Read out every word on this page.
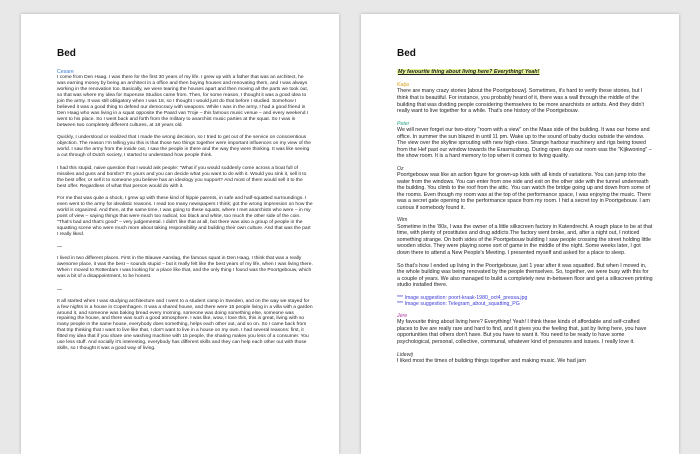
Bed

Cesare

I come from Den Haag. I was there for the first 30 years of my life. I grew up with a father that was an architect, he was earning money by being an architect in a office and then buying houses and renovating them, and I was always working in the renovation too. Basically, we were tearing the houses apart and then moving all the parts we took out, so that was where my idea for Superuse Studios came from. Then, for some reason, I thought it was a good idea to join the army. It was still obligatory when I was 18, so I thought I would just do that before I studied. Somehow I believed it was a good thing to defend our democracy with weapons. While I was in the army, I had a good friend in Den Haag who was living in a squat opposite the Paard van Troje – this famous music venue – and every weekend I went to his place. So I went back and forth from the military to anarchist music parties at the squat. So I was in between two completely different cultures, at 18 years old.

Quickly, I understood or realized that I made the wrong decision, so I tried to get out of the service on conscientious objection. The reason I'm telling you this is that those two things together were important influences on my view of the world. I saw the army from the inside out, I saw the people in there and the way they were thinking. It was like seeing a cut through of Dutch society, I started to understand how people think.

I had this stupid, naive question that I would ask people: "What if you would suddenly come across a boat full of missiles and guns and bombs? It's yours and you can decide what you want to do with it. Would you sink it, sell it to the best offer, or sell it to someone you believe has an ideology you support? And most of them would sell it to the best offer. Regardless of what that person would do with it.

For me that was quite a shock, I grew up with these kind of hippie parents, in safe and half-squatted surroundings. I even went to the army for idealistic reasons. I read too many newspapers I think; got the wrong impression on how the world is organized. And then, at the same time, I was going to these squats, where I met anarchists who were – in my point of view – saying things that were much too radical, too black and white, too much the other side of the coin. "That's bad and that's good" – very judgemental. I didn't like that at all, but there was also a group of people in the squatting scene who were much more about taking responsibility and building their own culture. And that was the part I really liked.

—

I lived in two different places. First in the Blauwe Aanslag, the famous squat in Den Haag. I think that was a really awesome place, it was the best – sounds stupid – but it really felt like the best years of my life, when I was living there. When I moved to Rotterdam I was looking for a place like that, and the only thing I found was the Poortgebouw, which was a bit of a disappointment, to be honest.

—

It all started when I was studying architecture and I went to a student camp in Sweden, and on the way we stayed for a few nights in a house in Copenhagen. It was a shared house, and there were 15 people living in a villa with a garden around it, and someone was baking bread every morning, someone was doing something else, someone was repairing the house, and there was such a good atmosphere. I was like, wow, I love this, this is great, living with so many people in the same house, everybody does something, helps each other out, and so on. So I came back from that trip thinking that I want to live like that, I don't want to live in a house on my own. I had several reasons: first, it fitted my idea that if you share one washing machine with 15 people, the sharing makes you less of a consumer. You use less stuff. And socially it's interesting, everybody has different skills and they can help each other out with those skills, so I thought it was a good way of living.

Bed

My favourite thing about living here? Everything! Yeah!

Katja

There are many crazy stories [about the Poortgebouw]. Sometimes, it's hard to verify these stories, but I think that is beautiful. For instance, you probably heard of it, there was a wall through the middle of the building that was dividing people considering themselves to be more anarchists or artists. And they didn't really want to live together for a while. That's one history of the Poortgebouw.

Peter

We will never forget our two-story "room with a view" on the Maas side of the building. It was our home and office. In summer the sun blazed in until 11 pm. Wake up to the sound of baby ducks outside the window. The view over the skyline sprouting with new high-rises. Strange harbour machinery and rigs being towed from the Hef past our window towards the Erasmusbrug. During open days our room was the "Kijkwoning" – the show room. It is a hard memory to top when it comes to living quality.

Oz

Poortgebouw was like an action figure for grown-up kids with all kinds of variations. You can jump into the water from the windows. You can enter from one side and exit on the other side with the tunnel underneath the building. You climb to the roof from the attic. You can watch the bridge going up and down from some of the rooms. Even though my room was at the top of the performance space, I was enjoying the music. There was a secret gate opening to the performance space from my room. I hid a secret toy in Poortgebouw. I am curious if somebody found it.

Wim

Sometime in the '80s, I was the owner of a little silkscreen factory in Katendrecht. A rough place to be at that time, with plenty of prostitutes and drug addicts.The factory went broke, and, after a night out, I noticed something strange. On both sides of the Poortgebouw building I saw people crossing the street holding little wooden sticks. They were playing some sort of game in the middle of the night. Some weeks later, I got down there to attend a New People's Meeting. I presented myself and asked for a place to sleep.

So that's how I ended up living in the Poortgebouw, just 1 year after it was squatted. But when I moved in, the whole building was being renovated by the people themselves. So, together, we were busy with this for a couple of years. We also managed to build a completely new in-between floor and get a silkscreen printing studio installed there.

*** Image suggestion: poort-kraak-1980_oct4_pressa.jpg

*** Image suggestion: Telegram_about_squatting_PG

Jere

My favourite thing about living here? Everything! Yeah! I think these kinds of affordable and self-crafted places to live are really rare and hard to find, and it gives you the feeling that, just by living here, you have opportunities that others don't have. But you have to want it. You need to be ready to have some psychological, personal, collective, communal, whatever kind of pressures and issues. I really love it.

Lidewij

I liked most the times of building things together and making music. We had jam
